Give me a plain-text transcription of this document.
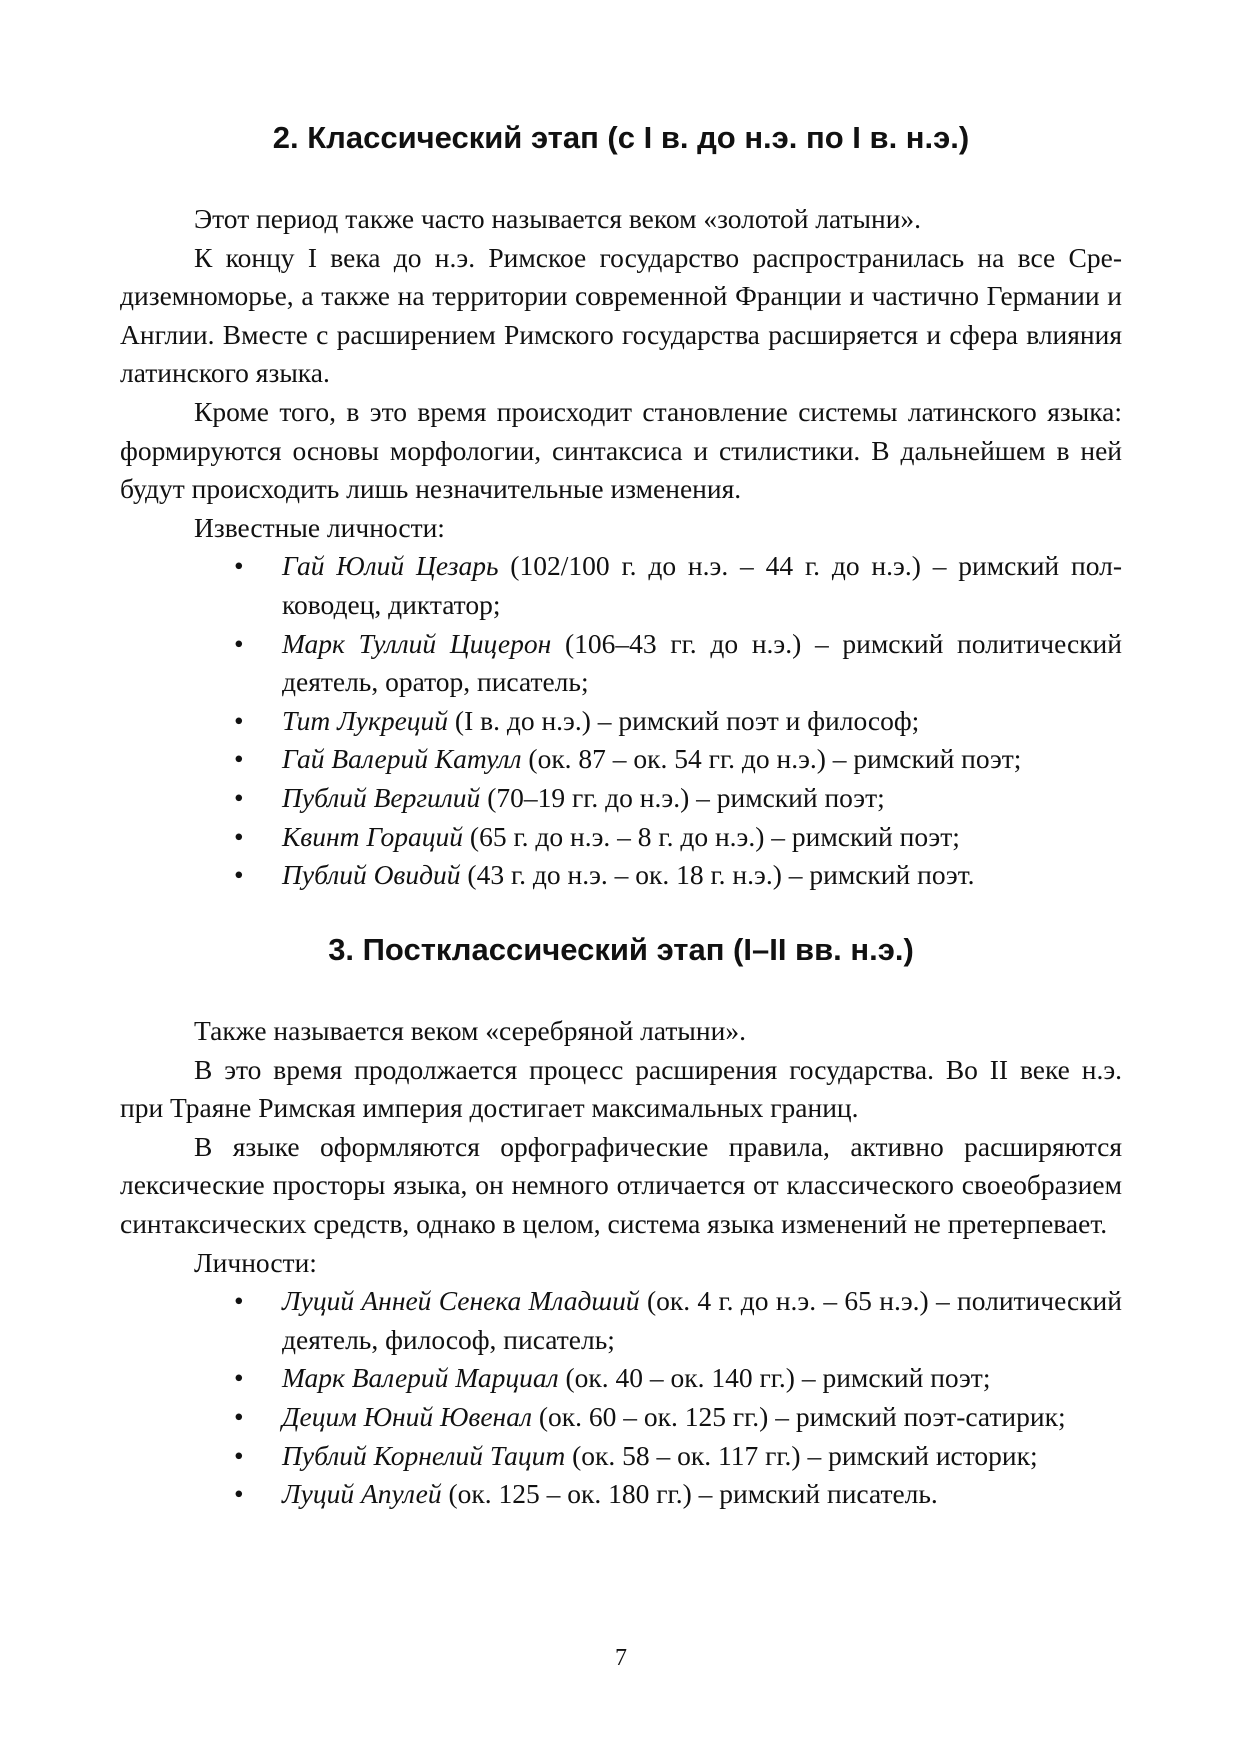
2. Классический этап (с I в. до н.э. по I в. н.э.)

Этот период также часто называется веком «золотой латыни».

К концу I века до н.э. Римское государство распространилась на все Средиземноморье, а также на территории современной Франции и частично Германии и Англии. Вместе с расширением Римского государства расширяется и сфера влияния латинского языка.

Кроме того, в это время происходит становление системы латинского языка: формируются основы морфологии, синтаксиса и стилистики. В дальнейшем в ней будут происходить лишь незначительные изменения.

Известные личности:

• Гай Юлий Цезарь (102/100 г. до н.э. – 44 г. до н.э.) – римский полководец, диктатор;
• Марк Туллий Цицерон (106–43 гг. до н.э.) – римский политический деятель, оратор, писатель;
• Тит Лукреций (I в. до н.э.) – римский поэт и философ;
• Гай Валерий Катулл (ок. 87 – ок. 54 гг. до н.э.) – римский поэт;
• Публий Вергилий (70–19 гг. до н.э.) – римский поэт;
• Квинт Гораций (65 г. до н.э. – 8 г. до н.э.) – римский поэт;
• Публий Овидий (43 г. до н.э. – ок. 18 г. н.э.) – римский поэт.
3. Постклассический этап (I–II вв. н.э.)

Также называется веком «серебряной латыни».

В это время продолжается процесс расширения государства. Во II веке н.э. при Траяне Римская империя достигает максимальных границ.

В языке оформляются орфографические правила, активно расширяются лексические просторы языка, он немного отличается от классического своеобразием синтаксических средств, однако в целом, система языка изменений не претерпевает.

Личности:

• Луций Анней Сенека Младший (ок. 4 г. до н.э. – 65 н.э.) – политический деятель, философ, писатель;
• Марк Валерий Марциал (ок. 40 – ок. 140 гг.) – римский поэт;
• Децим Юний Ювенал (ок. 60 – ок. 125 гг.) – римский поэт-сатирик;
• Публий Корнелий Тацит (ок. 58 – ок. 117 гг.) – римский историк;
• Луций Апулей (ок. 125 – ок. 180 гг.) – римский писатель.
7
